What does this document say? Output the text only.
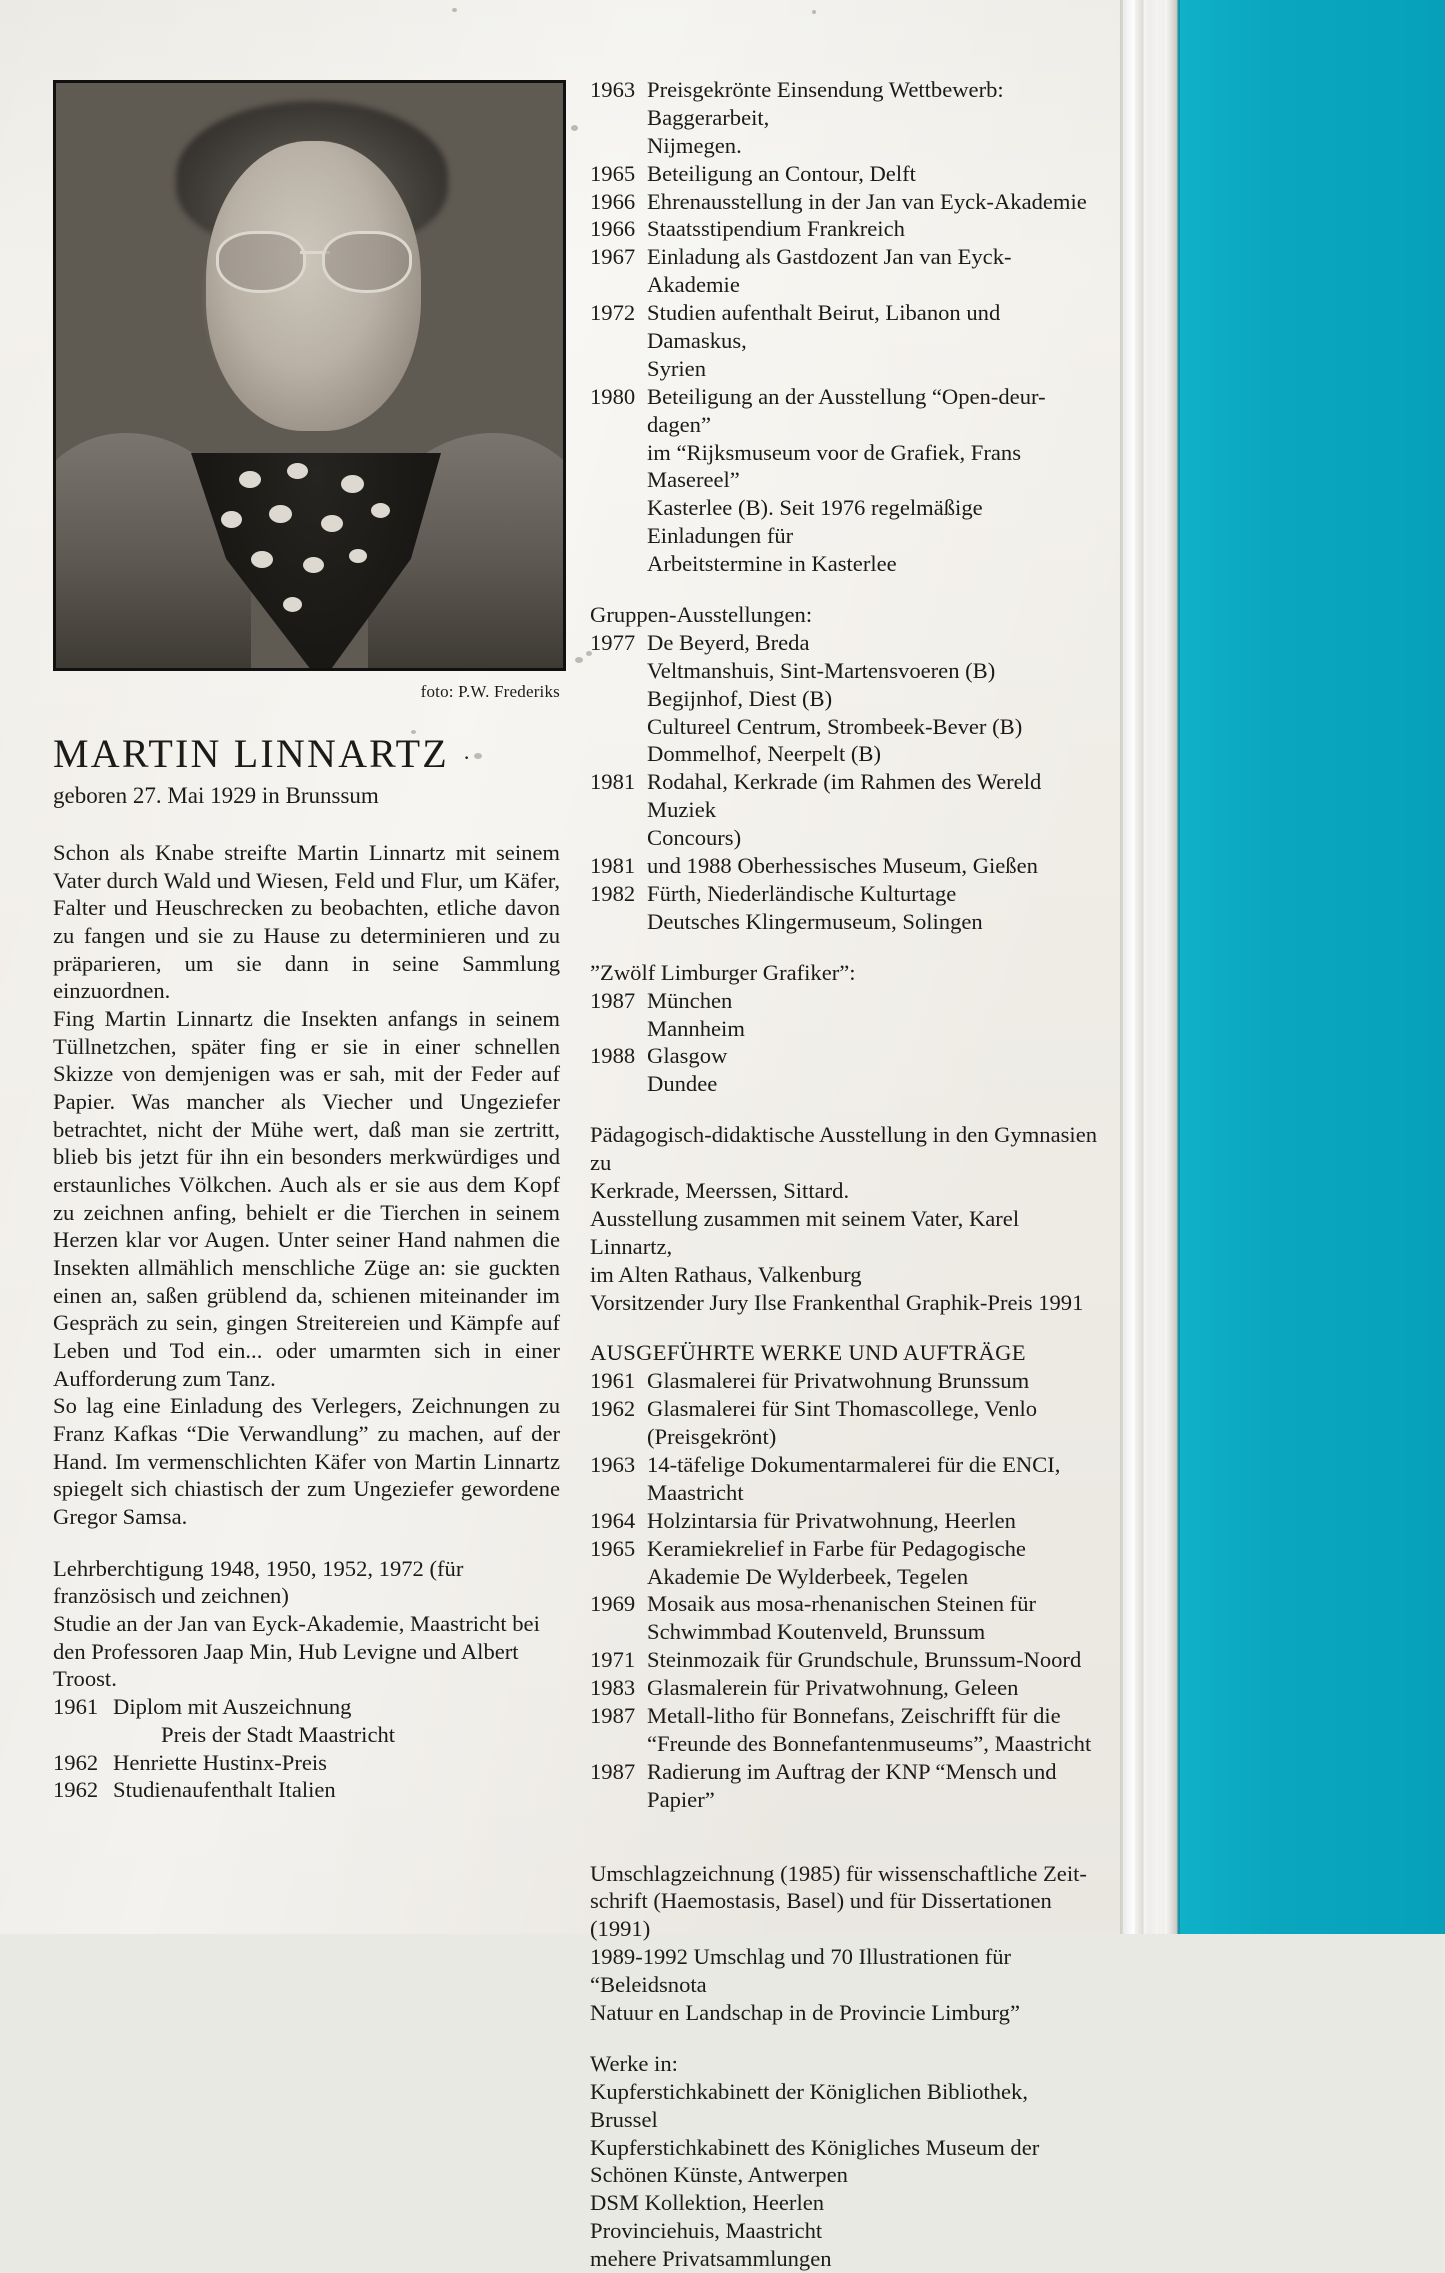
foto: P.W. Frederiks
MARTIN LINNARTZ ·
geboren 27. Mai 1929 in Brunssum

Schon als Knabe streifte Martin Linnartz mit seinem Vater durch Wald und Wiesen, Feld und Flur, um Käfer, Falter und Heuschrecken zu beobachten, etliche davon zu fangen und sie zu Hause zu determinieren und zu präparieren, um sie dann in seine Sammlung einzuordnen.

Fing Martin Linnartz die Insekten anfangs in seinem Tüllnetzchen, später fing er sie in einer schnellen Skizze von demjenigen was er sah, mit der Feder auf Papier. Was mancher als Viecher und Ungeziefer betrachtet, nicht der Mühe wert, daß man sie zertritt, blieb bis jetzt für ihn ein besonders merkwürdiges und erstaunliches Völkchen. Auch als er sie aus dem Kopf zu zeichnen anfing, behielt er die Tierchen in seinem Herzen klar vor Augen. Unter seiner Hand nahmen die Insekten allmählich menschliche Züge an: sie guckten einen an, saßen grüblend da, schienen miteinander im Gespräch zu sein, gingen Streitereien und Kämpfe auf Leben und Tod ein... oder umarmten sich in einer Aufforderung zum Tanz.

So lag eine Einladung des Verlegers, Zeichnungen zu Franz Kafkas “Die Verwandlung” zu machen, auf der Hand. Im vermenschlichten Käfer von Martin Linnartz spiegelt sich chiastisch der zum Ungeziefer gewordene Gregor Samsa.

Lehrberchtigung 1948, 1950, 1952, 1972 (für französisch und zeichnen)

Studie an der Jan van Eyck-Akademie, Maastricht bei den Professoren Jaap Min, Hub Levigne und Albert Troost.

1961 Diplom mit Auszeichnung
Preis der Stadt Maastricht
1962 Henriette Hustinx-Preis
1962 Studienaufenthalt Italien
1963 Preisgekrönte Einsendung Wettbewerb: Baggerarbeit,
Nijmegen.
1965 Beteiligung an Contour, Delft
1966 Ehrenausstellung in der Jan van Eyck-Akademie
1966 Staatsstipendium Frankreich
1967 Einladung als Gastdozent Jan van Eyck-Akademie
1972 Studien aufenthalt Beirut, Libanon und Damaskus,
Syrien
1980 Beteiligung an der Ausstellung “Open-deur-dagen”
im “Rijksmuseum voor de Grafiek, Frans Masereel”
Kasterlee (B). Seit 1976 regelmäßige Einladungen für
Arbeitstermine in Kasterlee
Gruppen-Ausstellungen:
1977 De Beyerd, Breda
Veltmanshuis, Sint-Martensvoeren (B)
Begijnhof, Diest (B)
Cultureel Centrum, Strombeek-Bever (B)
Dommelhof, Neerpelt (B)
1981 Rodahal, Kerkrade (im Rahmen des Wereld Muziek
Concours)
1981 und 1988 Oberhessisches Museum, Gießen
1982 Fürth, Niederländische Kulturtage
Deutsches Klingermuseum, Solingen
”Zwölf Limburger Grafiker”:
1987 München
Mannheim
1988 Glasgow
Dundee
Pädagogisch-didaktische Ausstellung in den Gymnasien zu
Kerkrade, Meerssen, Sittard.
Ausstellung zusammen mit seinem Vater, Karel Linnartz,
im Alten Rathaus, Valkenburg
Vorsitzender Jury Ilse Frankenthal Graphik-Preis 1991
AUSGEFÜHRTE WERKE UND AUFTRÄGE
1961 Glasmalerei für Privatwohnung Brunssum
1962 Glasmalerei für Sint Thomascollege, Venlo
(Preisgekrönt)
1963 14-täfelige Dokumentarmalerei für die ENCI,
Maastricht
1964 Holzintarsia für Privatwohnung, Heerlen
1965 Keramiekrelief in Farbe für Pedagogische
Akademie De Wylderbeek, Tegelen
1969 Mosaik aus mosa-rhenanischen Steinen für
Schwimmbad Koutenveld, Brunssum
1971 Steinmozaik für Grundschule, Brunssum-Noord
1983 Glasmalerein für Privatwohnung, Geleen
1987 Metall-litho für Bonnefans, Zeischrifft für die
“Freunde des Bonnefantenmuseums”, Maastricht
1987 Radierung im Auftrag der KNP “Mensch und Papier”
Umschlagzeichnung (1985) für wissenschaftliche Zeit-
schrift (Haemostasis, Basel) und für Dissertationen (1991)
1989-1992 Umschlag und 70 Illustrationen für “Beleidsnota
Natuur en Landschap in de Provincie Limburg”
Werke in:
Kupferstichkabinett der Königlichen Bibliothek, Brussel
Kupferstichkabinett des Königliches Museum der
Schönen Künste, Antwerpen
DSM Kollektion, Heerlen
Provinciehuis, Maastricht
mehere Privatsammlungen
